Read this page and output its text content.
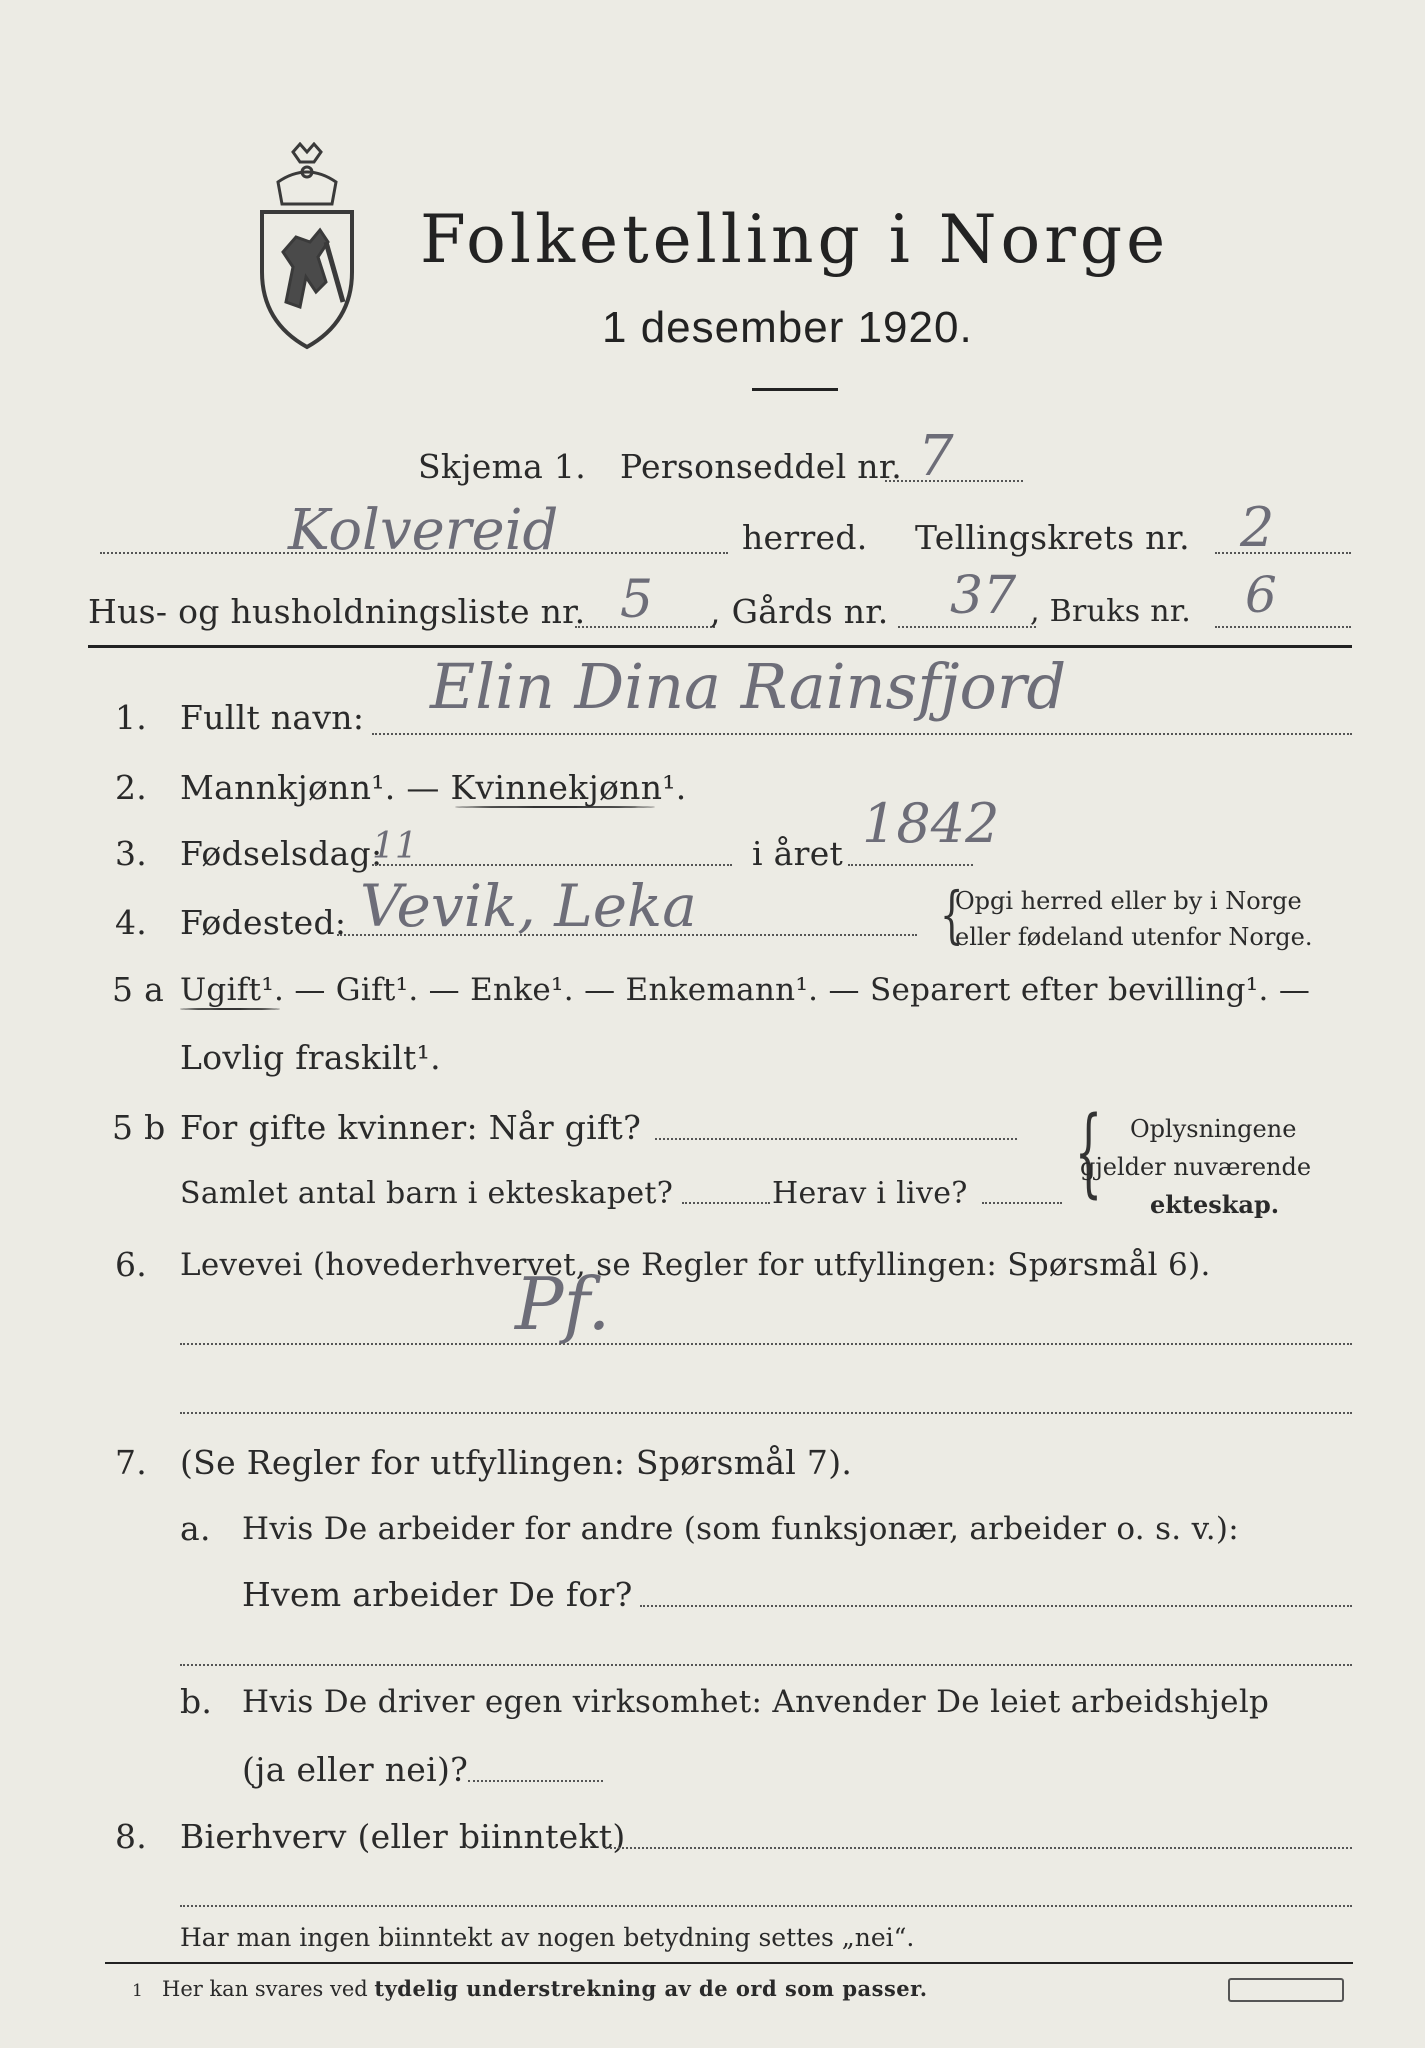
Folketelling i Norge
1 desember 1920.
Skjema 1. Personseddel nr. 7
Kolvereid	herred. Tellingskrets nr. 2
Hus- og husholdningsliste nr. 5 , Gårds nr. 37 , Bruks nr. 6
1. Fullt navn: Elin Dina Rainsfjord
2. Mannkjønn¹. — Kvinnekjønn¹.
3. Fødselsdag:
11	i året 1842
4. Fødested: Vevik, Leka	{
Opgi herred eller by i Norge
eller fødeland utenfor Norge.
5 a Ugift¹. — Gift¹. — Enke¹. — Enkemann¹. — Separert efter bevilling¹. —
Lovlig fraskilt¹.
5 b For gifte kvinner: Når gift?
Samlet antal barn i ekteskapet?	Herav i live? { Oplysningene
gjelder nuværende
ekteskap.
6. Levevei (hovederhvervet, se Regler for utfyllingen: Spørsmål 6).
Pf.
7. (Se Regler for utfyllingen: Spørsmål 7).
a. Hvis De arbeider for andre (som funksjonær, arbeider o. s. v.):
Hvem arbeider De for?
b. Hvis De driver egen virksomhet: Anvender De leiet arbeidshjelp
(ja eller nei)?
8. Bierhverv (eller biinntekt)
Har man ingen biinntekt av nogen betydning settes „nei“.
1 Her kan svares ved tydelig understrekning av de ord som passer.
